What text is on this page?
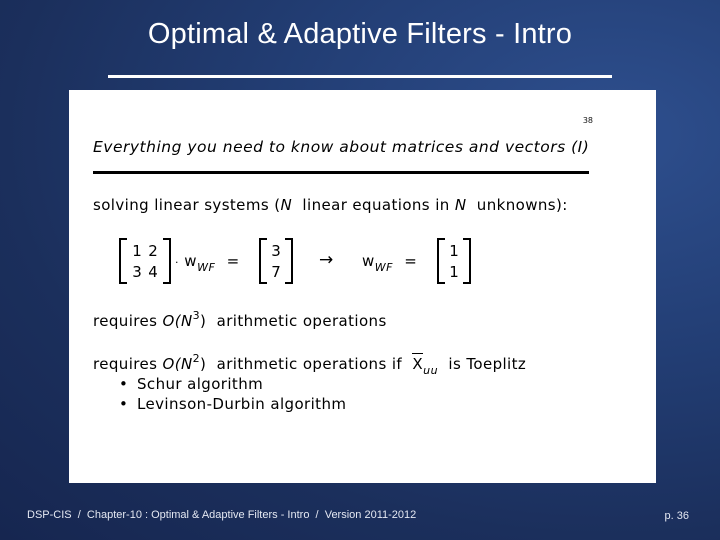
Optimal & Adaptive Filters - Intro
38
Everything you need to know about matrices and vectors (I)
solving linear systems (N  linear equations in N  unknowns):
1 2
3 $4 \cdot w_{WF}$ =
3
7
→ $w_{WF}$ =
1
1
requires $O(N^3)$  arithmetic operations
requires $O(N^2)$  arithmetic operations if  $X_{uu}$  is Toeplitz
• Schur algorithm
• Levinson-Durbin algorithm
DSP-CIS  /  Chapter-10 : Optimal & Adaptive Filters - Intro  /  Version 2011-2012	p. 36
